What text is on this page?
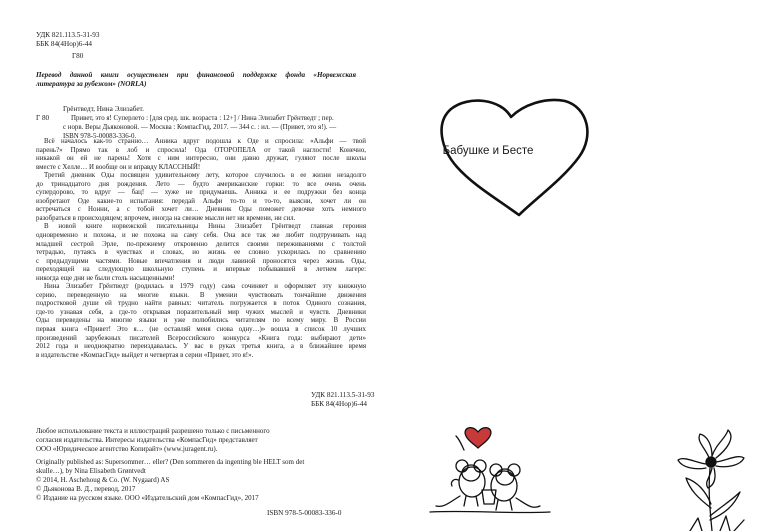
УДК 821.113.5-31-93
ББК 84(4Нор)6-44
Г80
Перевод данной книги осуществлен при финансовой поддержке фонда «Норвежская
литература за рубежом» (NORLA)
Грёнтведт, Нина Элизабет.
Г 80	Привет, это я! Суперлето : [для сред. шк. возраста : 12+] / Нина Элизабет Грёнтведт ; пер.
с норв. Веры Дьяконовой. — Москва : КомпасГид, 2017. — 344 с. : ил. — (Привет, это я!). —
ISBN 978-5-00083-336-0.
Всё началось как-то странно… Анника вдруг подошла к Оде и спросила: «Альфи — твой
парень?» Прямо так в лоб и спросила! Ода ОТОРОПЕЛА от такой наглости! Конечно,
никакой он ей не парень! Хотя с ним интересно, они давно дружат, гуляют после школы
вместе с Хелле… И вообще он и вправду КЛАССНЫЙ!
Третий дневник Оды посвящен удивительному лету, которое случилось в ее жизни незадолго
до тринадцатого дня рождения. Лето — будто американские горки: то все очень очень
супердорово, то вдруг — бац! — хуже не придумаешь. Анника и ее подружки без конца
изобретают Оде какие-то испытания: передай Альфи то-то и то-то, выясни, хочет ли он
встречаться с Нонни, а с тобой хочет ли… Дневник Оды поможет девочке хоть немного
разобраться в происходящем; впрочем, иногда на свежие мысли нет ни времени, ни сил.
В новой книге норвежской писательницы Нины Элизабет Грёнтведт главная героиня
одновременно и похожа, и не похожа на саму себя. Она все так же любит подтрунивать над
младшей сестрой Эрле, по-прежнему откровенно делится своими переживаниями с толстой
тетрадью, путаясь в чувствах и словах, но жизнь ее словно ускорилась по сравнению
с предыдущими частями. Новые впечатления и люди лавиной проносятся через жизнь Оды,
переходящей на следующую школьную ступень и впервые побывавшей в летнем лагере:
никогда еще дни не были столь насыщенными!
Нина Элизабет Грёнтведт (родилась в 1979 году) сама сочиняет и оформляет эту книжную
серию, переведенную на многие языки. В умении чувствовать тончайшие движения
подростковой души ей трудно найти равных: читатель погружается в поток Одиного сознания,
где-то узнавая себя, а где-то открывая поразительный мир чужих мыслей и чувств. Дневники
Оды переведены на многие языки и уже полюбились читателям по всему миру. В России
первая книга «Привет! Это я… (не оставляй меня снова одну…)» вошла в список 10 лучших
произведений зарубежных писателей Всероссийского конкурса «Книга года: выбирают дети»
2012 года и неоднократно переиздавалась. У вас в руках третья книга, а в ближайшее время
в издательстве «КомпасГид» выйдет и четвертая в серии «Привет, это я!».
УДК 821.113.5-31-93
ББК 84(4Нор)6-44
Любое использование текста и иллюстраций разрешено только с письменного
согласия издательства. Интересы издательства «КомпасГид» представляет
ООО «Юридическое агентство Копирайт» (www.juragent.ru).
Originally published as: Supersommer… eller? (Den sommeren da ingenting ble HELT som det
skulle…), by Nina Elisabeth Grøntvedt
© 2014, H. Aschehoug & Co. (W. Nygaard) AS
© Дьяконова В. Д., перевод, 2017
© Издание на русском языке. ООО «Издательский дом «КомпасГид», 2017
ISBN 978-5-00083-336-0
Бабушке и Бесте
